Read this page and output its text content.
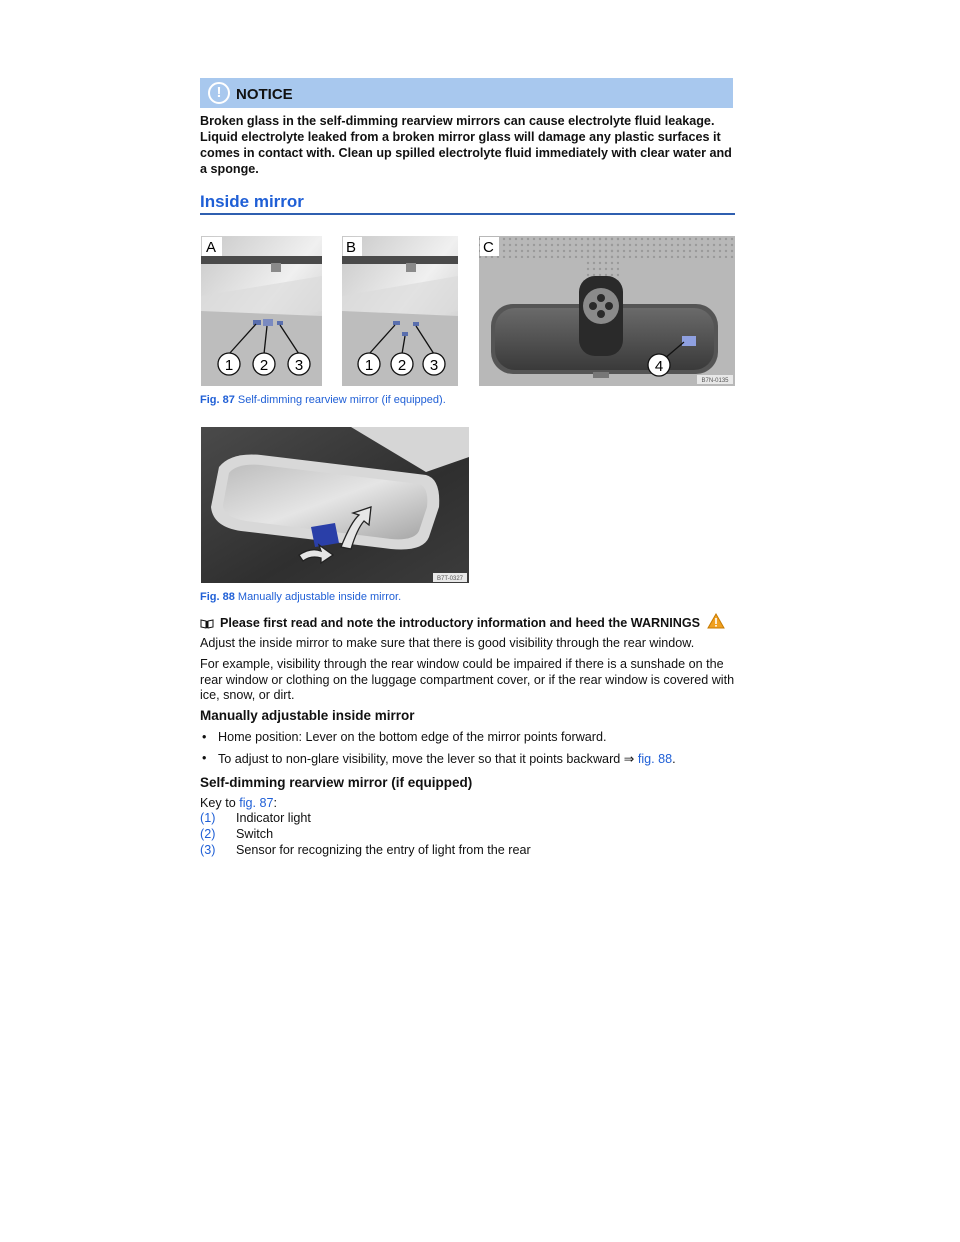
! NOTICE
Broken glass in the self-dimming rearview mirrors can cause electrolyte fluid leakage. Liquid electrolyte leaked from a broken mirror glass will damage any plastic surfaces it comes in contact with. Clean up spilled electrolyte fluid immediately with clear water and a sponge.
Inside mirror
A	B	C
1 2 3	1 2 3	4
B7N-0135
Fig. 87 Self-dimming rearview mirror (if equipped).
B7T-0327
Fig. 88 Manually adjustable inside mirror.
Please first read and note the introductory information and heed the WARNINGS
Adjust the inside mirror to make sure that there is good visibility through the rear window.
For example, visibility through the rear window could be impaired if there is a sunshade on the rear window or clothing on the luggage compartment cover, or if the rear window is covered with ice, snow, or dirt.
Manually adjustable inside mirror
• Home position: Lever on the bottom edge of the mirror points forward.
• To adjust to non-glare visibility, move the lever so that it points backward ⇒ fig. 88.
Self-dimming rearview mirror (if equipped)
Key to fig. 87:
(1) Indicator light
(2) Switch
(3) Sensor for recognizing the entry of light from the rear
